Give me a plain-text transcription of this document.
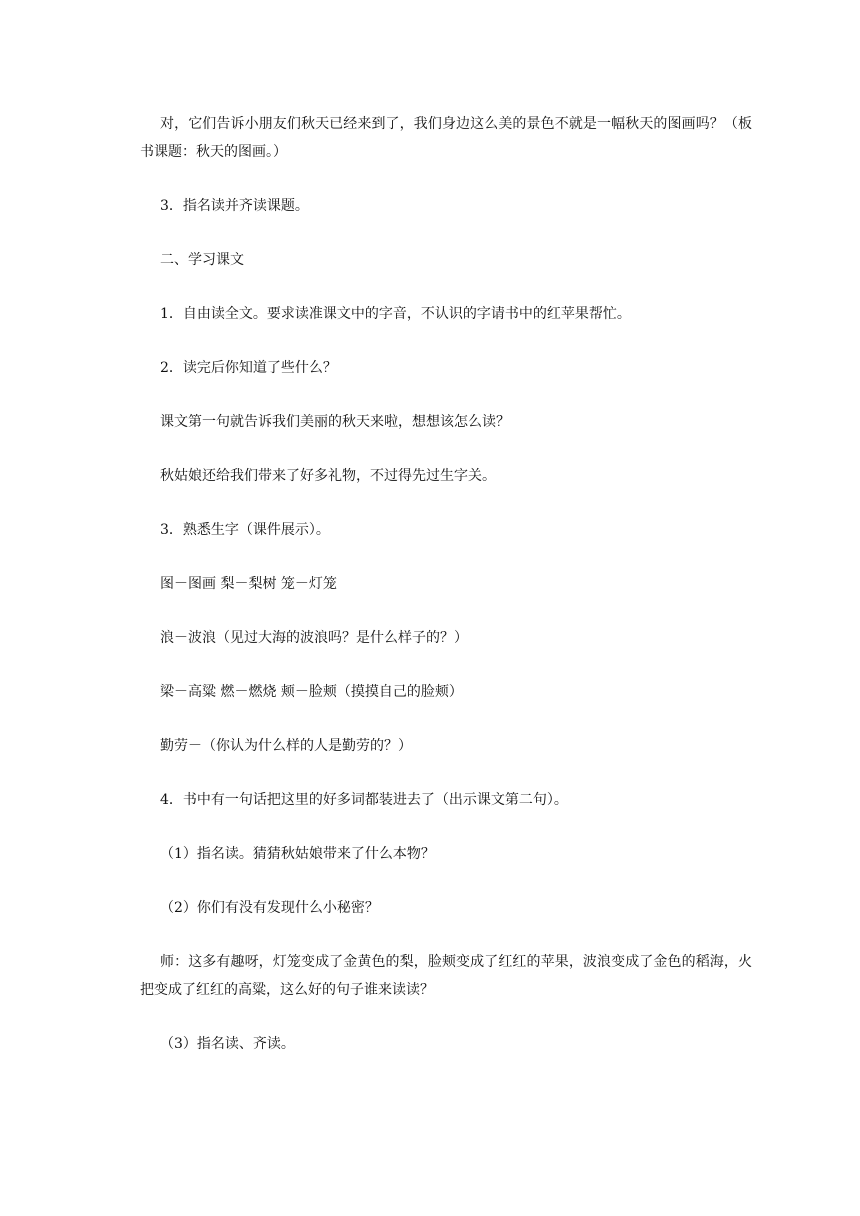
对，它们告诉小朋友们秋天已经来到了，我们身边这么美的景色不就是一幅秋天的图画吗？（板书课题：秋天的图画。）

3．指名读并齐读课题。

二、学习课文

1．自由读全文。要求读准课文中的字音，不认识的字请书中的红苹果帮忙。

2．读完后你知道了些什么？

课文第一句就告诉我们美丽的秋天来啦，想想该怎么读？

秋姑娘还给我们带来了好多礼物，不过得先过生字关。

3．熟悉生字（课件展示）。

图－图画 梨－梨树 笼－灯笼

浪－波浪（见过大海的波浪吗？是什么样子的？）

梁－高粱 燃－燃烧 颊－脸颊（摸摸自己的脸颊）

勤劳－（你认为什么样的人是勤劳的？）

4．书中有一句话把这里的好多词都装进去了（出示课文第二句）。

（1）指名读。猜猜秋姑娘带来了什么本物？

（2）你们有没有发现什么小秘密？

师：这多有趣呀，灯笼变成了金黄色的梨，脸颊变成了红红的苹果，波浪变成了金色的稻海，火把变成了红红的高粱，这么好的句子谁来读读？

（3）指名读、齐读。
